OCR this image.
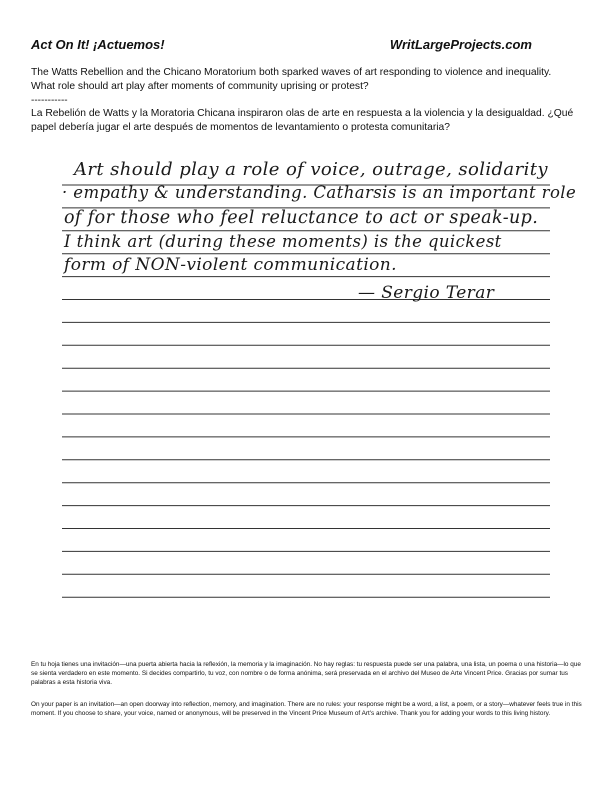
Act On It! ¡Actuemos!	WritLargeProjects.com
The Watts Rebellion and the Chicano Moratorium both sparked waves of art responding to violence and inequality. What role should art play after moments of community uprising or protest?
-----------
La Rebelión de Watts y la Moratoria Chicana inspiraron olas de arte en respuesta a la violencia y la desigualdad. ¿Qué papel debería jugar el arte después de momentos de levantamiento o protesta comunitaria?
Art should play a role of voice, outrage, solidarity
· empathy & understanding. Catharsis is an important role
of for those who feel reluctance to act or speak-up.
I think art (during these moments) is the quickest
form of NON-violent communication.
— Sergio Terar
En tu hoja tienes una invitación—una puerta abierta hacia la reflexión, la memoria y la imaginación. No hay reglas: tu respuesta puede ser una palabra, una lista, un poema o una historia—lo que se sienta verdadero en este momento. Si decides compartirlo, tu voz, con nombre o de forma anónima, será preservada en el archivo del Museo de Arte Vincent Price. Gracias por sumar tus palabras a esta historia viva.
On your paper is an invitation—an open doorway into reflection, memory, and imagination. There are no rules: your response might be a word, a list, a poem, or a story—whatever feels true in this moment. If you choose to share, your voice, named or anonymous, will be preserved in the Vincent Price Museum of Art's archive. Thank you for adding your words to this living history.
